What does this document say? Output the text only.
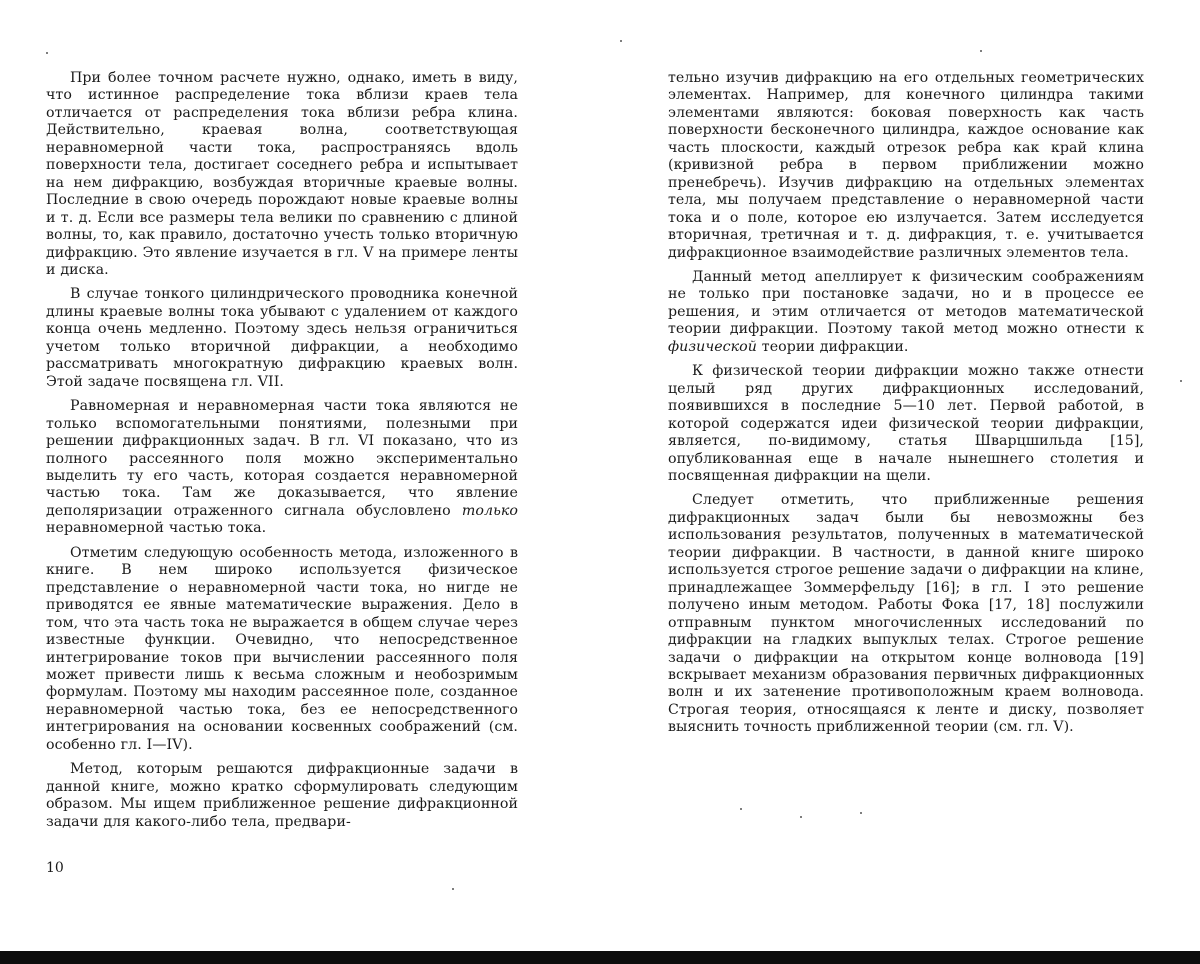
При более точном расчете нужно, однако, иметь в виду, что истинное распределение тока вблизи краев тела отличается от распределения тока вблизи ребра клина. Действительно, краевая волна, соответствующая неравномерной части тока, распространяясь вдоль поверхности тела, достигает соседнего ребра и испытывает на нем дифракцию, возбуждая вторичные краевые волны. Последние в свою очередь порождают новые краевые волны и т. д. Если все размеры тела велики по сравнению с длиной волны, то, как правило, достаточно учесть только вторичную дифракцию. Это явление изучается в гл. V на примере ленты и диска.

В случае тонкого цилиндрического проводника конечной длины краевые волны тока убывают с удалением от каждого конца очень медленно. Поэтому здесь нельзя ограничиться учетом только вторичной дифракции, а необходимо рассматривать многократную дифракцию краевых волн. Этой задаче посвящена гл. VII.

Равномерная и неравномерная части тока являются не только вспомогательными понятиями, полезными при решении дифракционных задач. В гл. VI показано, что из полного рассеянного поля можно экспериментально выделить ту его часть, которая создается неравномерной частью тока. Там же доказывается, что явление деполяризации отраженного сигнала обусловлено только неравномерной частью тока.

Отметим следующую особенность метода, изложенного в книге. В нем широко используется физическое представление о неравномерной части тока, но нигде не приводятся ее явные математические выражения. Дело в том, что эта часть тока не выражается в общем случае через известные функции. Очевидно, что непосредственное интегрирование токов при вычислении рассеянного поля может привести лишь к весьма сложным и необозримым формулам. Поэтому мы находим рассеянное поле, созданное неравномерной частью тока, без ее непосредственного интегрирования на основании косвенных соображений (см. особенно гл. I—IV).

Метод, которым решаются дифракционные задачи в данной книге, можно кратко сформулировать следующим образом. Мы ищем приближенное решение дифракционной задачи для какого-либо тела, предвари-

10

тельно изучив дифракцию на его отдельных геометрических элементах. Например, для конечного цилиндра такими элементами являются: боковая поверхность как часть поверхности бесконечного цилиндра, каждое основание как часть плоскости, каждый отрезок ребра как край клина (кривизной ребра в первом приближении можно пренебречь). Изучив дифракцию на отдельных элементах тела, мы получаем представление о неравномерной части тока и о поле, которое ею излучается. Затем исследуется вторичная, третичная и т. д. дифракция, т. е. учитывается дифракционное взаимодействие различных элементов тела.

Данный метод апеллирует к физическим соображениям не только при постановке задачи, но и в процессе ее решения, и этим отличается от методов математической теории дифракции. Поэтому такой метод можно отнести к физической теории дифракции.

К физической теории дифракции можно также отнести целый ряд других дифракционных исследований, появившихся в последние 5—10 лет. Первой работой, в которой содержатся идеи физической теории дифракции, является, по-видимому, статья Шварцшильда [15], опубликованная еще в начале нынешнего столетия и посвященная дифракции на щели.

Следует отметить, что приближенные решения дифракционных задач были бы невозможны без использования результатов, полученных в математической теории дифракции. В частности, в данной книге широко используется строгое решение задачи о дифракции на клине, принадлежащее Зоммерфельду [16]; в гл. I это решение получено иным методом. Работы Фока [17, 18] послужили отправным пунктом многочисленных исследований по дифракции на гладких выпуклых телах. Строгое решение задачи о дифракции на открытом конце волновода [19] вскрывает механизм образования первичных дифракционных волн и их затенение противоположным краем волновода. Строгая теория, относящаяся к ленте и диску, позволяет выяснить точность приближенной теории (см. гл. V).
